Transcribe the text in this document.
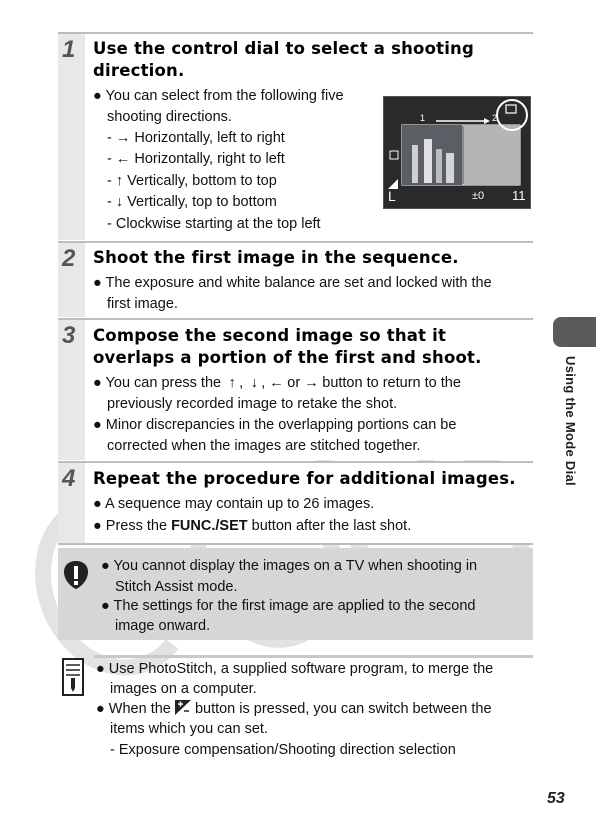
1 Use the control dial to select a shooting
direction.
● You can select from the following five
shooting directions.
- → Horizontally, left to right
- ← Horizontally, right to left
- ↑ Vertically, bottom to top
- ↓ Vertically, top to bottom
- Clockwise starting at the top left
1	2
±0 11
L
2 Shoot the first image in the sequence.
● The exposure and white balance are set and locked with the
first image.
3 Compose the second image so that it
overlaps a portion of the first and shoot.
● You can press the ↑ , ↓ , ← or → button to return to the
previously recorded image to retake the shot.
● Minor discrepancies in the overlapping portions can be
corrected when the images are stitched together.
4 Repeat the procedure for additional images.
● A sequence may contain up to 26 images.
● Press the FUNC./SET button after the last shot.
● You cannot display the images on a TV when shooting in
Stitch Assist mode.
● The settings for the first image are applied to the second
image onward.
● Use PhotoStitch, a supplied software program, to merge the
images on a computer.
● When the button is pressed, you can switch between the
items which you can set.
- Exposure compensation/Shooting direction selection
Using the Mode Dial
53
